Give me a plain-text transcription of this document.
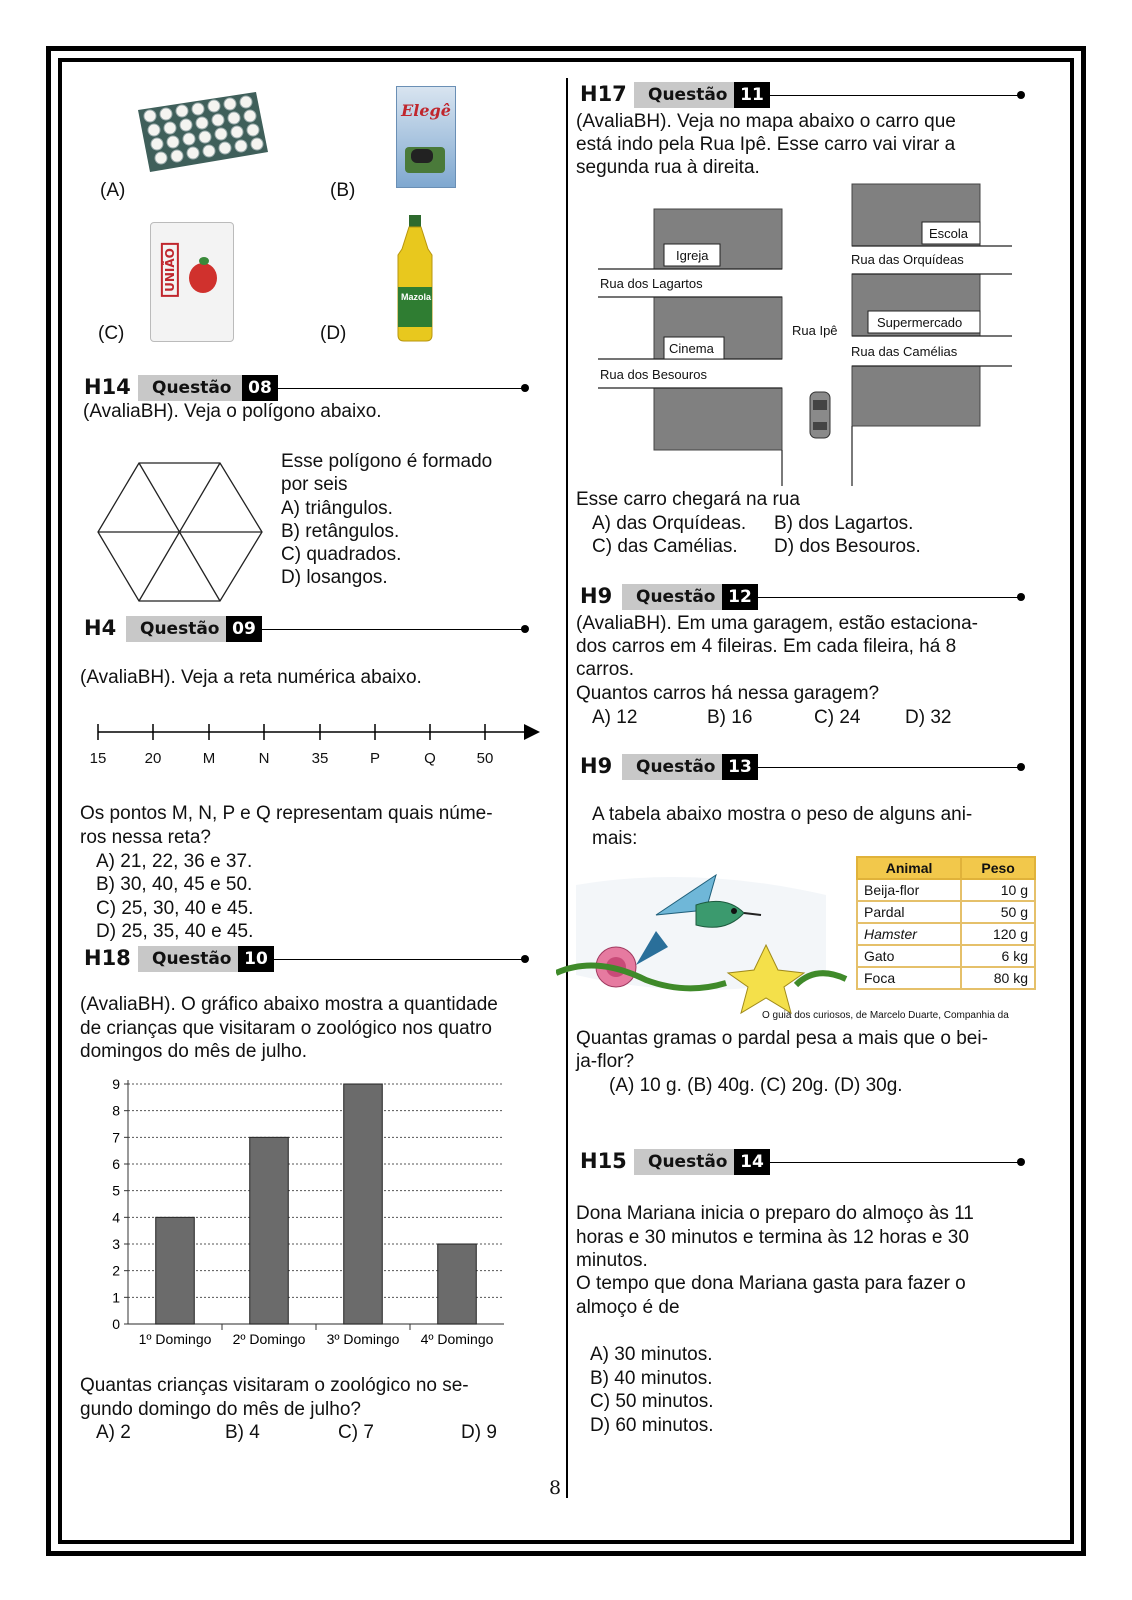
(A)
Elegê
(B)
UNIÃO
(C)
Mazola
(D)
H14	Questão 08
(AvaliaBH). Veja o polígono abaixo.
Esse polígono é formado
por seis
A) triângulos.
B) retângulos.
C) quadrados.
D) losangos.
H4	Questão 09
(AvaliaBH). Veja a reta numérica abaixo.
15	20	M	N	35	P	Q	50
Os pontos M, N, P e Q representam quais núme-
ros nessa reta?
A) 21, 22, 36 e 37.
B) 30, 40, 45 e 50.
C) 25, 30, 40 e 45.
D) 25, 35, 40 e 45.
H18	Questão 10
(AvaliaBH). O gráfico abaixo mostra a quantidade
de crianças que visitaram o zoológico nos quatro
domingos do mês de julho.
0
1
2
3
4
5
6
7
8
9
1º Domingo 2º Domingo 3º Domingo 4º Domingo
Quantas crianças visitaram o zoológico no se-
gundo domingo do mês de julho?
A) 2	B) 4	C) 7	D) 9
H17	Questão 11
(AvaliaBH). Veja no mapa abaixo o carro que
está indo pela Rua Ipê. Esse carro vai virar a
segunda rua à direita.
Igreja
Cinema
Escola
Supermercado
Rua dos Lagartos
Rua dos Besouros
Rua das Orquídeas
Rua das Camélias
Rua Ipê
Esse carro chegará na rua
A) das Orquídeas. B) dos Lagartos.
C) das Camélias. D) dos Besouros.
H9	Questão 12
(AvaliaBH). Em uma garagem, estão estaciona-
dos carros em 4 fileiras. Em cada fileira, há 8
carros.
Quantos carros há nessa garagem?
A) 12	B) 16	C) 24 D) 32
H9	Questão 13
A tabela abaixo mostra o peso de alguns ani-
mais:
Animal	Peso
Beija-flor	10 g
Pardal	50 g
Hamster	120 g
Gato	6 kg
Foca	80 kg
O guia dos curiosos, de Marcelo Duarte, Companhia da
Quantas gramas o pardal pesa a mais que o bei-
ja-flor?
(A) 10 g. (B) 40g. (C) 20g. (D) 30g.
H15	Questão 14
Dona Mariana inicia o preparo do almoço às 11
horas e 30 minutos e termina às 12 horas e 30
minutos.
O tempo que dona Mariana gasta para fazer o
almoço é de
A) 30 minutos.
B) 40 minutos.
C) 50 minutos.
D) 60 minutos.
8
